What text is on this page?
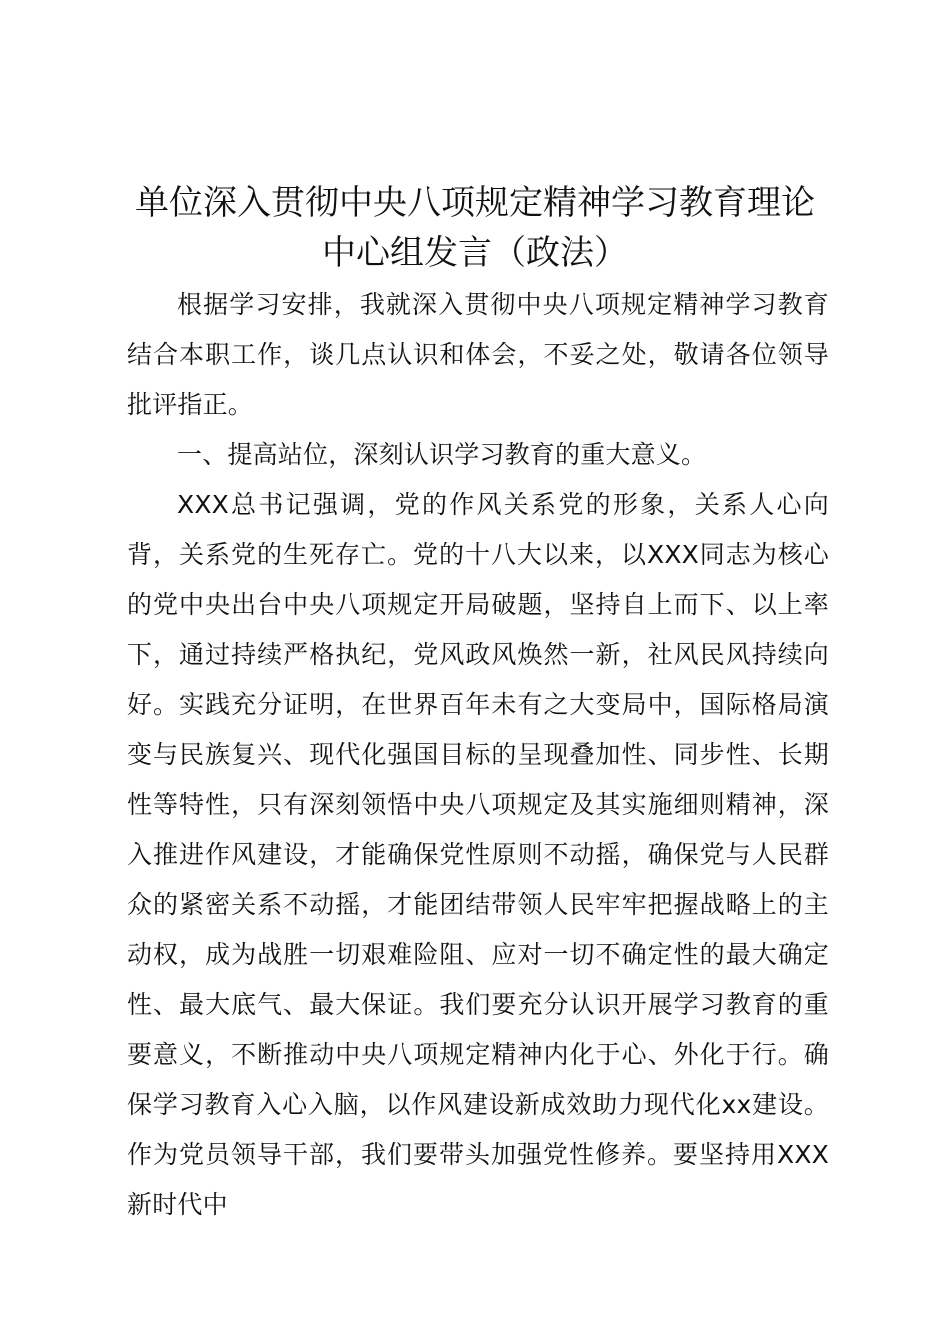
单位深入贯彻中央八项规定精神学习教育理论
中心组发言（政法）

根据学习安排，我就深入贯彻中央八项规定精神学习教育结合本职工作，谈几点认识和体会，不妥之处，敬请各位领导批评指正。

一、提高站位，深刻认识学习教育的重大意义。

XXX总书记强调，党的作风关系党的形象，关系人心向背，关系党的生死存亡。党的十八大以来，以XXX同志为核心的党中央出台中央八项规定开局破题，坚持自上而下、以上率下，通过持续严格执纪，党风政风焕然一新，社风民风持续向好。实践充分证明，在世界百年未有之大变局中，国际格局演变与民族复兴、现代化强国目标的呈现叠加性、同步性、长期性等特性，只有深刻领悟中央八项规定及其实施细则精神，深入推进作风建设，才能确保党性原则不动摇，确保党与人民群众的紧密关系不动摇，才能团结带领人民牢牢把握战略上的主动权，成为战胜一切艰难险阻、应对一切不确定性的最大确定性、最大底气、最大保证。我们要充分认识开展学习教育的重要意义，不断推动中央八项规定精神内化于心、外化于行。确保学习教育入心入脑，以作风建设新成效助力现代化xx建设。作为党员领导干部，我们要带头加强党性修养。要坚持用XXX新时代中
